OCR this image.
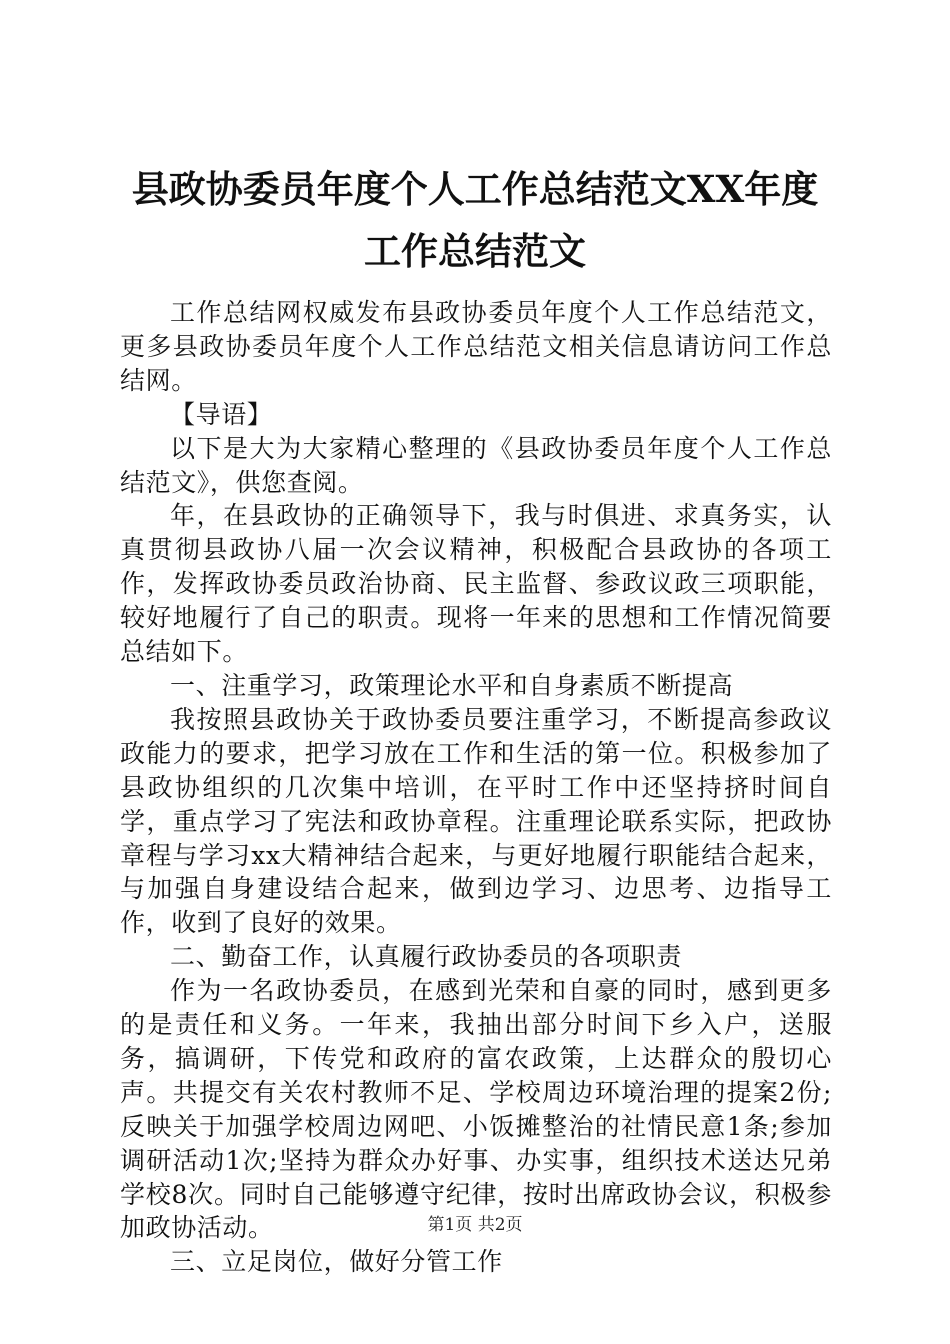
县政协委员年度个人工作总结范文XX年度工作总结范文

工作总结网权威发布县政协委员年度个人工作总结范文，更多县政协委员年度个人工作总结范文相关信息请访问工作总结网。

【导语】

以下是大为大家精心整理的《县政协委员年度个人工作总结范文》，供您查阅。

年，在县政协的正确领导下，我与时俱进、求真务实，认真贯彻县政协八届一次会议精神，积极配合县政协的各项工作，发挥政协委员政治协商、民主监督、参政议政三项职能，较好地履行了自己的职责。现将一年来的思想和工作情况简要总结如下。

一、注重学习，政策理论水平和自身素质不断提高

我按照县政协关于政协委员要注重学习，不断提高参政议政能力的要求，把学习放在工作和生活的第一位。积极参加了县政协组织的几次集中培训，在平时工作中还坚持挤时间自学，重点学习了宪法和政协章程。注重理论联系实际，把政协章程与学习xx大精神结合起来，与更好地履行职能结合起来，与加强自身建设结合起来，做到边学习、边思考、边指导工作，收到了良好的效果。

二、勤奋工作，认真履行政协委员的各项职责

作为一名政协委员，在感到光荣和自豪的同时，感到更多的是责任和义务。一年来，我抽出部分时间下乡入户，送服务，搞调研，下传党和政府的富农政策，上达群众的殷切心声。共提交有关农村教师不足、学校周边环境治理的提案2份;反映关于加强学校周边网吧、小饭摊整治的社情民意1条;参加调研活动1次;坚持为群众办好事、办实事，组织技术送达兄弟学校8次。同时自己能够遵守纪律，按时出席政协会议，积极参加政协活动。

三、立足岗位，做好分管工作

第1页 共2页
